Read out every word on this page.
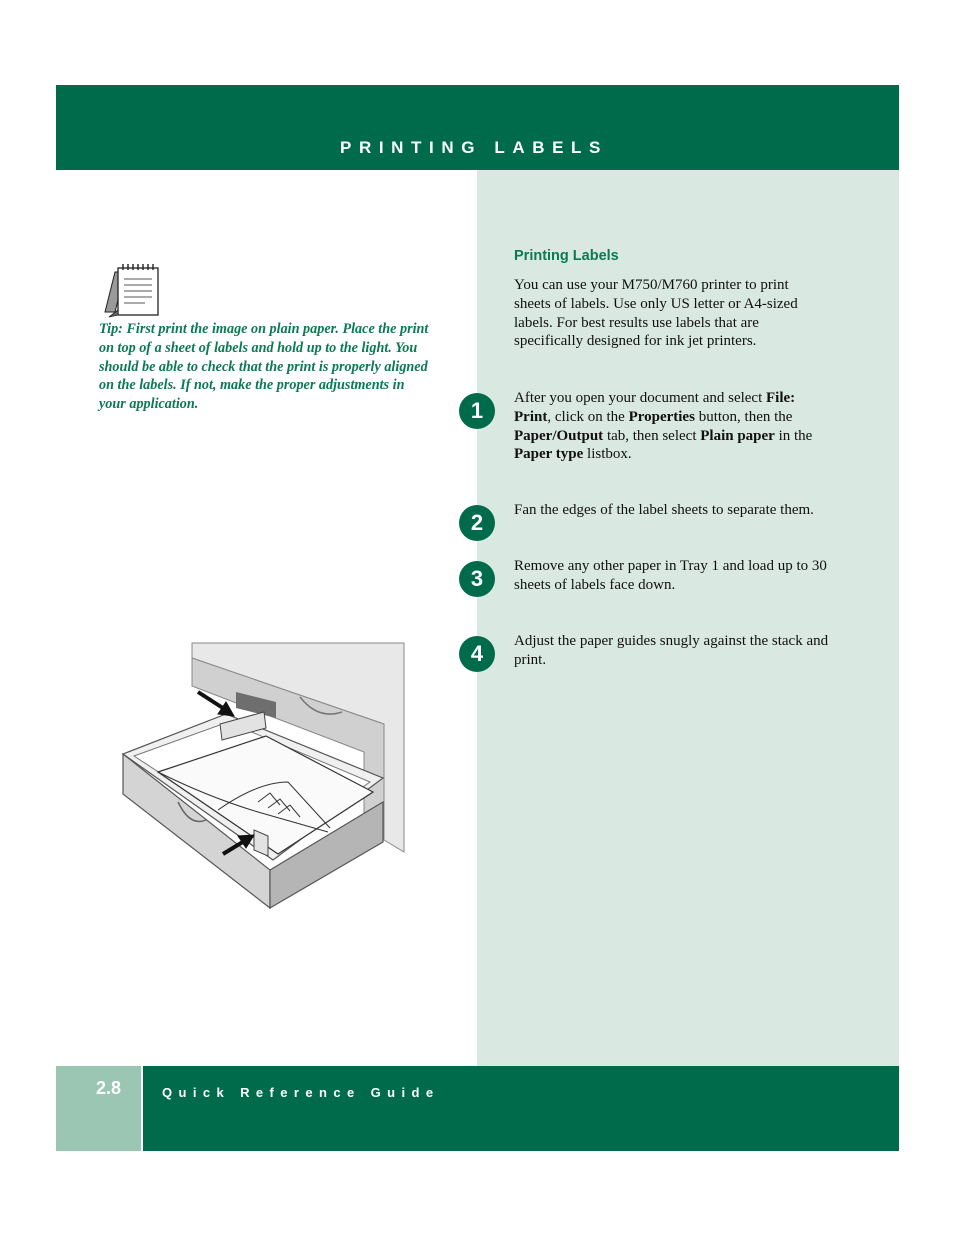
PRINTING LABELS
Tip: First print the image on plain paper. Place the print on top of a sheet of labels and hold up to the light. You should be able to check that the print is properly aligned on the labels. If not, make the proper adjustments in your application.
Printing Labels
You can use your M750/M760 printer to print sheets of labels. Use only US letter or A4-sized labels. For best results use labels that are specifically designed for ink jet printers.
1	After you open your document and select File: Print, click on the Properties button, then the Paper/Output tab, then select Plain paper in the Paper type listbox.
2	Fan the edges of the label sheets to separate them.
3	Remove any other paper in Tray 1 and load up to 30 sheets of labels face down.
4	Adjust the paper guides snugly against the stack and print.
2.8	Quick Reference Guide
